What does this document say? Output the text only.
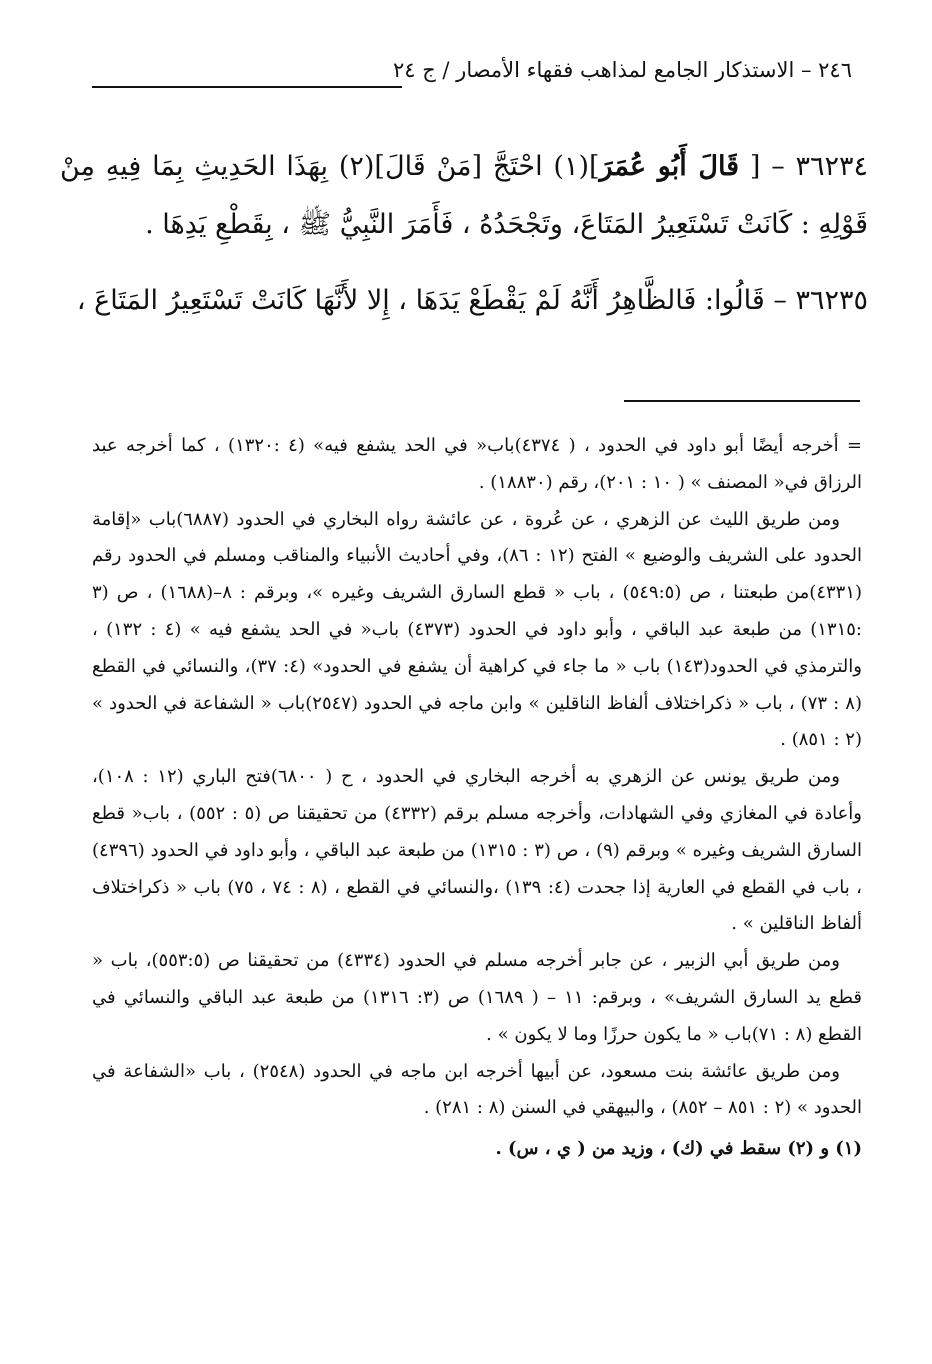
٢٤٦ – الاستذكار الجامع لمذاهب فقهاء الأمصار / ج ٢٤

٣٦٢٣٤ – [ قَالَ أَبُو عُمَرَ](١) احْتَجَّ [مَنْ قَالَ](٢) بِهَذَا الحَدِيثِ بِمَا فِيهِ مِنْ قَوْلِهِ : كَانَتْ تَسْتَعِيرُ المَتَاعَ، وتَجْحَدُهُ ، فَأَمَرَ النَّبِيُّ ﷺ ، بِقَطْعِ يَدِهَا .

٣٦٢٣٥ – قَالُوا: فَالظَّاهِرُ أَنَّهُ لَمْ يَقْطَعْ يَدَهَا ، إِلا لأَنَّهَا كَانَتْ تَسْتَعِيرُ المَتَاعَ ،

= أخرجه أيضًا أبو داود في الحدود ، ( ٤٣٧٤)باب« في الحد يشفع فيه» (٤ :١٣٢٠) ، كما أخرجه عبد الرزاق في« المصنف » ( ١٠ : ٢٠١)، رقم (١٨٨٣٠) .

ومن طريق الليث عن الزهري ، عن عُروة ، عن عائشة رواه البخاري في الحدود (٦٨٨٧)باب «إقامة الحدود على الشريف والوضيع » الفتح (١٢ : ٨٦)، وفي أحاديث الأنبياء والمناقب ومسلم في الحدود رقم (٤٣٣١)من طبعتنا ، ص (٥٤٩:٥) ، باب « قطع السارق الشريف وغيره »، وبرقم : ٨–(١٦٨٨) ، ص (٣ :١٣١٥) من طبعة عبد الباقي ، وأبو داود في الحدود (٤٣٧٣) باب« في الحد يشفع فيه » (٤ : ١٣٢) ، والترمذي في الحدود(١٤٣) باب « ما جاء في كراهية أن يشفع في الحدود» (٤: ٣٧)، والنسائي في القطع (٨ : ٧٣) ، باب « ذكراختلاف ألفاظ الناقلين » وابن ماجه في الحدود (٢٥٤٧)باب « الشفاعة في الحدود » (٢ : ٨٥١) .

ومن طريق يونس عن الزهري به أخرجه البخاري في الحدود ، ح ( ٦٨٠٠)فتح الباري (١٢ : ١٠٨)، وأعادة في المغازي وفي الشهادات، وأخرجه مسلم برقم (٤٣٣٢) من تحقيقنا ص (٥ : ٥٥٢) ، باب« قطع السارق الشريف وغيره » وبرقم (٩) ، ص (٣ : ١٣١٥) من طبعة عبد الباقي ، وأبو داود في الحدود (٤٣٩٦) ، باب في القطع في العارية إذا جحدت (٤: ١٣٩) ،والنسائي في القطع ، (٨ : ٧٤ ، ٧٥) باب « ذكراختلاف ألفاظ الناقلين » .

ومن طريق أبي الزبير ، عن جابر أخرجه مسلم في الحدود (٤٣٣٤) من تحقيقنا ص (٥٥٣:٥)، باب « قطع يد السارق الشريف» ، وبرقم: ١١ – ( ١٦٨٩) ص (٣: ١٣١٦) من طبعة عبد الباقي والنسائي في القطع (٨ : ٧١)باب « ما يكون حرزًا وما لا يكون » .

ومن طريق عائشة بنت مسعود، عن أبيها أخرجه ابن ماجه في الحدود (٢٥٤٨) ، باب «الشفاعة في الحدود » (٢ : ٨٥١ – ٨٥٢) ، والبيهقي في السنن (٨ : ٢٨١) .

(١) و (٢) سقط في (ك) ، وزيد من ( ي ، س) .
